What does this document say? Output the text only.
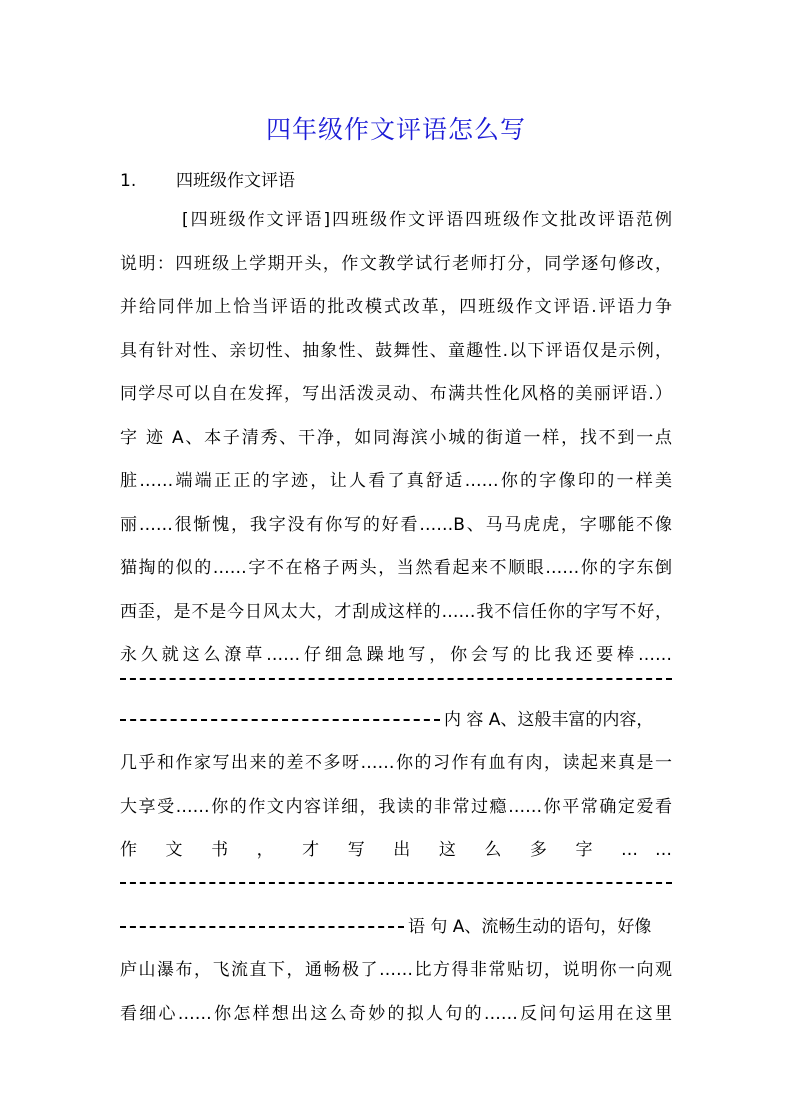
四年级作文评语怎么写
1. 四班级作文评语
[四班级作文评语]四班级作文评语四班级作文批改评语范例
说明：四班级上学期开头，作文教学试行老师打分，同学逐句修改，
并给同伴加上恰当评语的批改模式改革，四班级作文评语.评语力争
具有针对性、亲切性、抽象性、鼓舞性、童趣性.以下评语仅是示例，
同学尽可以自在发挥，写出活泼灵动、布满共性化风格的美丽评语.）
字 迹 A、本子清秀、干净，如同海滨小城的街道一样，找不到一点
脏……端端正正的字迹，让人看了真舒适……你的字像印的一样美
丽……很惭愧，我字没有你写的好看……B、马马虎虎，字哪能不像
猫掏的似的……字不在格子两头，当然看起来不顺眼……你的字东倒
西歪，是不是今日风太大，才刮成这样的……我不信任你的字写不好，
永久就这么潦草……仔细急躁地写，你会写的比我还要棒……
内 容 A、这般丰富的内容，
几乎和作家写出来的差不多呀……你的习作有血有肉，读起来真是一
大享受……你的作文内容详细，我读的非常过瘾……你平常确定爱看
作 文 书 ， 才 写 出 这 么 多 字 … …
语 句 A、流畅生动的语句，好像
庐山瀑布，飞流直下，通畅极了……比方得非常贴切，说明你一向观
看细心……你怎样想出这么奇妙的拟人句的……反问句运用在这里
